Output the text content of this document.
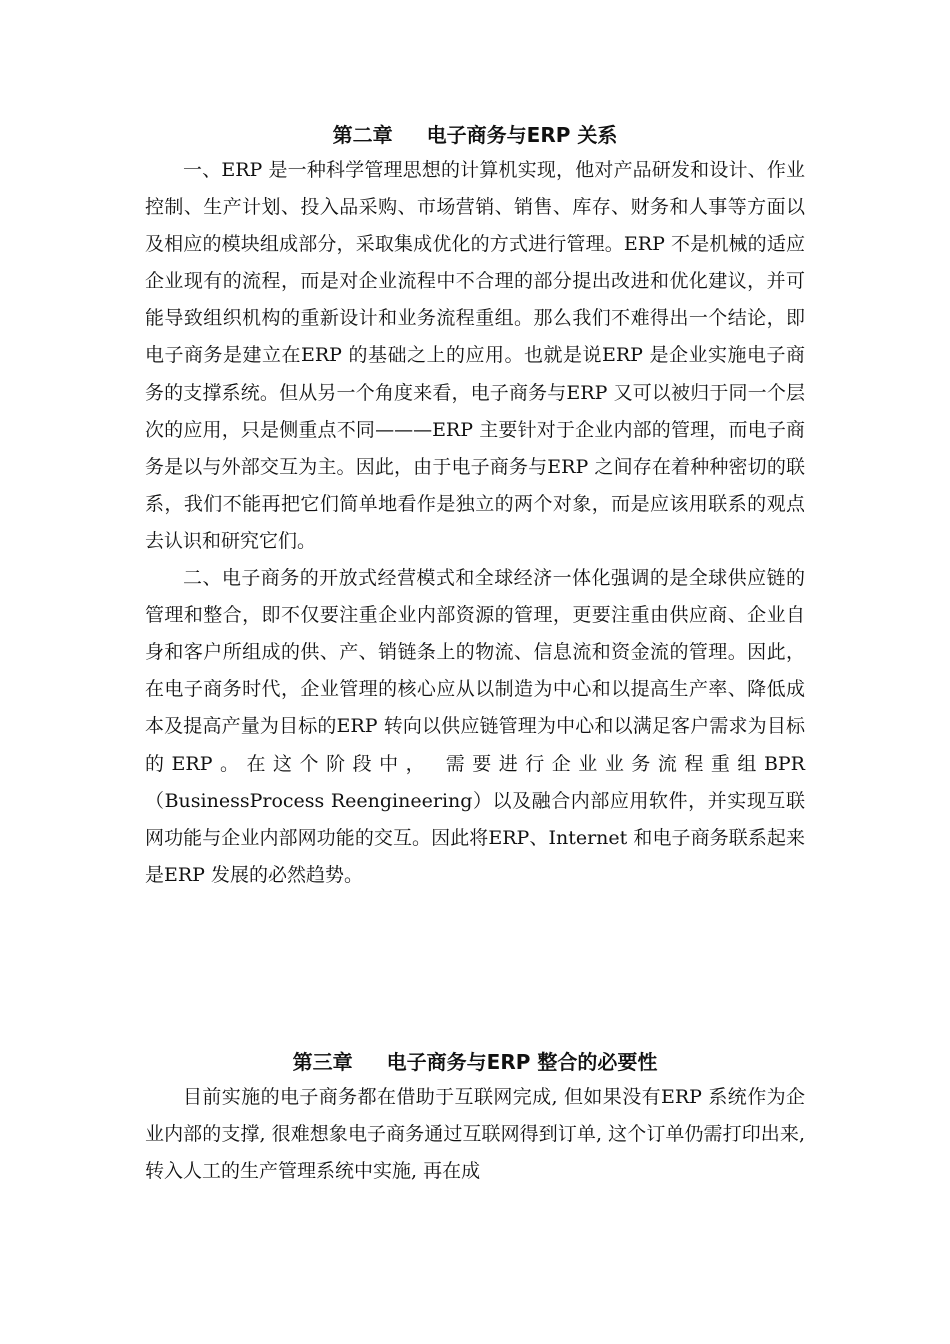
第二章 电子商务与ERP 关系

一、ERP 是一种科学管理思想的计算机实现，他对产品研发和设计、作业控制、生产计划、投入品采购、市场营销、销售、库存、财务和人事等方面以及相应的模块组成部分，采取集成优化的方式进行管理。ERP 不是机械的适应企业现有的流程，而是对企业流程中不合理的部分提出改进和优化建议，并可能导致组织机构的重新设计和业务流程重组。那么我们不难得出一个结论，即电子商务是建立在ERP 的基础之上的应用。也就是说ERP 是企业实施电子商务的支撑系统。但从另一个角度来看，电子商务与ERP 又可以被归于同一个层次的应用，只是侧重点不同———ERP 主要针对于企业内部的管理，而电子商务是以与外部交互为主。因此，由于电子商务与ERP 之间存在着种种密切的联系，我们不能再把它们简单地看作是独立的两个对象，而是应该用联系的观点去认识和研究它们。

二、电子商务的开放式经营模式和全球经济一体化强调的是全球供应链的管理和整合，即不仅要注重企业内部资源的管理，更要注重由供应商、企业自身和客户所组成的供、产、销链条上的物流、信息流和资金流的管理。因此，在电子商务时代，企业管理的核心应从以制造为中心和以提高生产率、降低成本及提高产量为目标的ERP 转向以供应链管理为中心和以满足客户需求为目标的ERP。在这个阶段中， 需要进行企业业务流程重组BPR（BusinessProcess Reengineering）以及融合内部应用软件，并实现互联网功能与企业内部网功能的交互。因此将ERP、Internet 和电子商务联系起来是ERP 发展的必然趋势。

第三章 电子商务与ERP 整合的必要性

目前实施的电子商务都在借助于互联网完成, 但如果没有ERP 系统作为企业内部的支撑, 很难想象电子商务通过互联网得到订单, 这个订单仍需打印出来, 转入人工的生产管理系统中实施, 再在成
